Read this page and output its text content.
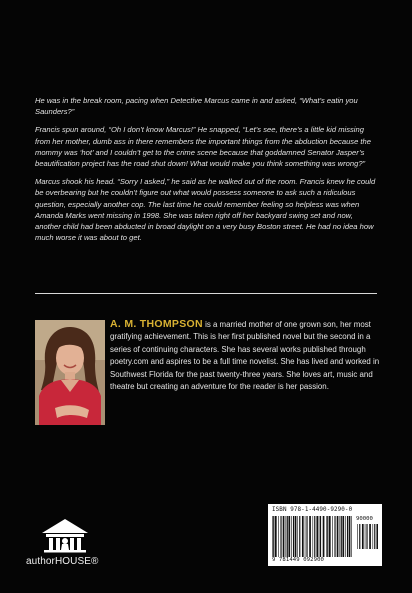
He was in the break room, pacing when Detective Marcus came in and asked, “What’s eatin you Saunders?”

Francis spun around, “Oh I don’t know Marcus!” He snapped, “Let’s see, there’s a little kid missing from her mother, dumb ass in there remembers the important things from the abduction because the mommy was ‘hot’ and I couldn’t get to the crime scene because that goddamned Senator Jasper’s beautification project has the road shut down! What would make you think something was wrong?”

Marcus shook his head. “Sorry I asked,” he said as he walked out of the room. Francis knew he could be overbearing but he couldn’t figure out what would possess someone to ask such a ridiculous question, especially another cop. The last time he could remember feeling so helpless was when Amanda Marks went missing in 1998. She was taken right off her backyard swing set and now, another child had been abducted in broad daylight on a very busy Boston street. He had no idea how much worse it was about to get.

A. M. THOMPSON is a married mother of one grown son, her most gratifying achievement. This is her first published novel but the second in a series of continuing characters. She has several works published through poetry.com and aspires to be a full time novelist. She has lived and worked in Southwest Florida for the past twenty-three years. She loves art, music and theatre but creating an adventure for the reader is her passion.
ISBN 978-1-4490-9290-0
90000
9 781449 092900
authorHOUSE®
